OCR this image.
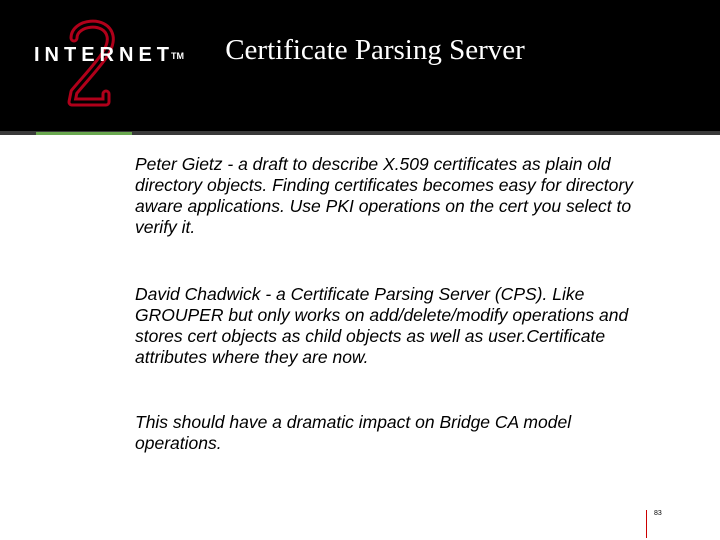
INTERNETTM	Certificate Parsing Server

Peter Gietz - a draft to describe X.509 certificates as plain old directory objects. Finding certificates becomes easy for directory aware applications. Use PKI operations on the cert you select to verify it.

David Chadwick - a Certificate Parsing Server (CPS). Like GROUPER but only works on add/delete/modify operations and stores cert objects as child objects as well as user.Certificate attributes where they are now.

This should have a dramatic impact on Bridge CA model operations.

83
